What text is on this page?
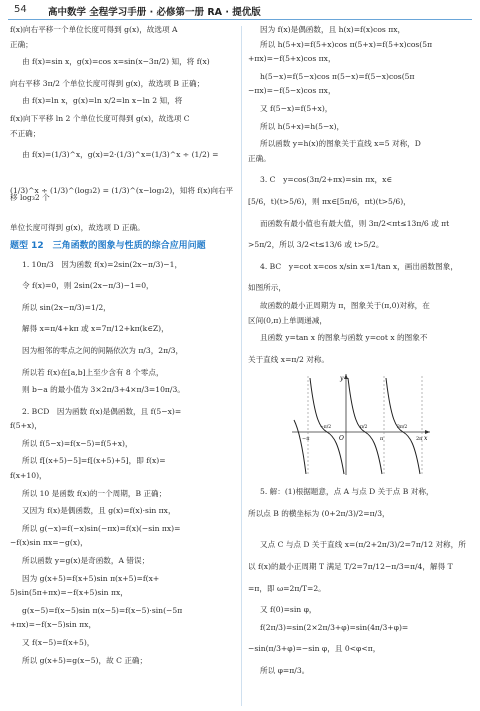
54 高中数学 全程学习手册 · 必修第一册 RA · 提优版
f(x)向右平移一个单位长度可得到 g(x)，故选项 A
正确；
由 f(x)=sin x，g(x)=cos x=sin(x−3π/2) 知，将 f(x)
向右平移 3π/2 个单位长度可得到 g(x)，故选项 B 正确；
由 f(x)=ln x，g(x)=ln x/2=ln x−ln 2 知，将
f(x)向下平移 ln 2 个单位长度可得到 g(x)，故选项 C
不正确；
由 f(x)=(1/3)^x，g(x)=2·(1/3)^x=(1/3)^x ÷ (1/2) =
(1/3)^x ÷ (1/3)^(log₃2) = (1/3)^(x−log₃2)，知将 f(x)向右平移 log₃2 个
单位长度可得到 g(x)，故选项 D 正确。
题型 12　三角函数的图象与性质的综合应用问题
1. 10π/3　因为函数 f(x)=2sin(2x−π/3)−1，
令 f(x)=0，则 2sin(2x−π/3)−1=0，
所以 sin(2x−π/3)=1/2，
解得 x=π/4+kπ 或 x=7π/12+kπ(k∈Z)，
因为相邻的零点之间的间隔依次为 π/3，2π/3，
所以若 f(x)在[a,b]上至少含有 8 个零点，
则 b−a 的最小值为 3×2π/3+4×π/3=10π/3。
2. BCD　因为函数 f(x)是偶函数，且 f(5−x)=
f(5+x)，
所以 f(5−x)=f(x−5)=f(5+x)，
所以 f[(x+5)−5]=f[(x+5)+5]，即 f(x)=
f(x+10)，
所以 10 是函数 f(x)的一个周期，B 正确；
又因为 f(x)是偶函数，且 g(x)=f(x)·sin πx，
所以 g(−x)=f(−x)sin(−πx)=f(x)(−sin πx)=
−f(x)sin πx=−g(x)，
所以函数 y=g(x)是奇函数，A 错误；
因为 g(x+5)=f(x+5)sin π(x+5)=f(x+
5)sin(5π+πx)=−f(x+5)sin πx，
g(x−5)=f(x−5)sin π(x−5)=f(x−5)·sin(−5π
+πx)=−f(x−5)sin πx，
又 f(x−5)=f(x+5)，
所以 g(x+5)=g(x−5)，故 C 正确；
因为 f(x)是偶函数，且 h(x)=f(x)cos πx，
所以 h(5+x)=f(5+x)cos π(5+x)=f(5+x)cos(5π
+πx)=−f(5+x)cos πx，
h(5−x)=f(5−x)cos π(5−x)=f(5−x)cos(5π
−πx)=−f(5−x)cos πx，
又 f(5−x)=f(5+x)，
所以 h(5+x)=h(5−x)，
所以函数 y=h(x)的图象关于直线 x=5 对称，D
正确。
3. C　y=cos(3π/2+πx)=sin πx，x∈
[5/6，t)(t>5/6)，则 πx∈[5π/6，πt)(t>5/6)，
而函数有最小值也有最大值，则 3π/2<πt≤13π/6 或 πt
>5π/2，所以 3/2<t≤13/6 或 t>5/2。
4. BC　y=cot x=cos x/sin x=1/tan x，画出函数图象，
如图所示，
故函数的最小正周期为 π，图象关于(π,0)对称，在
区间(0,π)上单调递减，
且函数 y=tan x 的图象与函数 y=cot x 的图象不
关于直线 x=π/2 对称。
y
O	x
−π	π	2π
−π/2	π/2	3π/2
5. 解：(1)根据题意，点 A 与点 D 关于点 B 对称，
所以点 B 的横坐标为 (0+2π/3)/2=π/3，
又点 C 与点 D 关于直线 x=(π/2+2π/3)/2=7π/12 对称，所
以 f(x)的最小正周期 T 满足 T/2=7π/12−π/3=π/4，解得 T
=π，即 ω=2π/T=2。
又 f(0)=sin φ，
f(2π/3)=sin(2×2π/3+φ)=sin(4π/3+φ)=
−sin(π/3+φ)=−sin φ，且 0<φ<π，
所以 φ=π/3。
